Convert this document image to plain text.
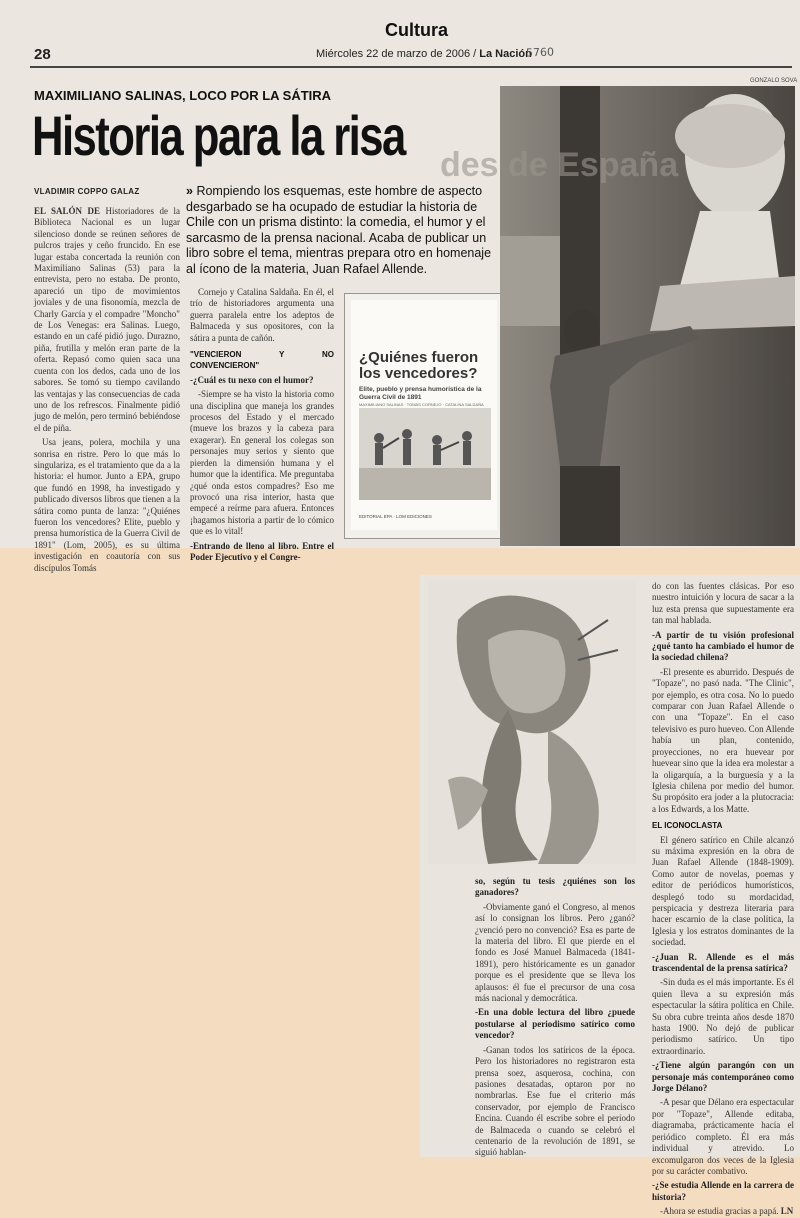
Cultura
28	Miércoles 22 de marzo de 2006 / La Nación
5760
GONZALO SOVA
MAXIMILIANO SALINAS, LOCO POR LA SÁTIRA
Historia para la risa
VLADIMIR COPPO GALAZ	» Rompiendo los esquemas, este hombre de aspecto desgarbado se ha ocupado de estudiar la historia de Chile con un prisma distinto: la comedia, el humor y el sarcasmo de la prensa nacional. Acaba de publicar un libro sobre el tema, mientras prepara otro en homenaje al ícono de la materia, Juan Rafael Allende.

EL SALÓN DE Historiadores de la Biblioteca Nacional es un lugar silencioso donde se reúnen señores de pulcros trajes y ceño fruncido. En ese lugar estaba concertada la reunión con Maximiliano Salinas (53) para la entrevista, pero no estaba. De pronto, apareció un tipo de movimientos joviales y de una fisonomía, mezcla de Charly García y el compadre "Moncho" de Los Venegas: era Salinas. Luego, estando en un café pidió jugo. Durazno, piña, frutilla y melón eran parte de la oferta. Repasó como quien saca una cuenta con los dedos, cada uno de los sabores. Se tomó su tiempo cavilando las ventajas y las consecuencias de cada uno de los refrescos. Finalmente pidió jugo de melón, pero terminó bebiéndose el de piña.

Usa jeans, polera, mochila y una sonrisa en ristre. Pero lo que más lo singulariza, es el tratamiento que da a la historia: el humor. Junto a EPA, grupo que fundó en 1998, ha investigado y publicado diversos libros que tienen a la sátira como punta de lanza: "¿Quiénes fueron los vencedores? Elite, pueblo y prensa humorística de la Guerra Civil de 1891" (Lom, 2005), es su última investigación en coautoría con sus discípulos Tomás

Cornejo y Catalina Saldaña. En él, el trío de historiadores argumenta una guerra paralela entre los adeptos de Balmaceda y sus opositores, con la sátira a punta de cañón.

"VENCIERON Y NO CONVENCIERON"

-¿Cuál es tu nexo con el humor?

-Siempre se ha visto la historia como una disciplina que maneja los grandes procesos del Estado y el mercado (mueve los brazos y la cabeza para exagerar). En general los colegas son personajes muy serios y siento que pierden la dimensión humana y el humor que la identifica. Me preguntaba ¿qué onda estos compadres? Eso me provocó una risa interior, hasta que empecé a reírme para afuera. Entonces ¡hagamos historia a partir de lo cómico que es lo vital!

-Entrando de lleno al libro. Entre el Poder Ejecutivo y el Congre-

¿Quiénes fueron los vencedores?
Elite, pueblo y prensa humorística de la Guerra Civil de 1891
MAXIMILIANO SALINAS · TOMÁS CORNEJO · CATALINA SALDAÑA
EDITORIAL EPA · LOM EDICIONES
des de España

so, según tu tesis ¿quiénes son los ganadores?

-Obviamente ganó el Congreso, al menos así lo consignan los libros. Pero ¿ganó? ¿venció pero no convenció? Esa es parte de la materia del libro. El que pierde en el fondo es José Manuel Balmaceda (1841-1891), pero históricamente es un ganador porque es el presidente que se lleva los aplausos: él fue el precursor de una cosa más nacional y democrática.

-En una doble lectura del libro ¿puede postularse al periodismo satírico como vencedor?

-Ganan todos los satíricos de la época. Pero los historiadores no registraron esta prensa soez, asquerosa, cochina, con pasiones desatadas, optaron por no nombrarlas. Ese fue el criterio más conservador, por ejemplo de Francisco Encina. Cuando él escribe sobre el período de Balmaceda o cuando se celebró el centenario de la revolución de 1891, se siguió hablan-

do con las fuentes clásicas. Por eso nuestro intuición y locura de sacar a la luz esta prensa que supuestamente era tan mal hablada.

-A partir de tu visión profesional ¿qué tanto ha cambiado el humor de la sociedad chilena?

-El presente es aburrido. Después de "Topaze", no pasó nada. "The Clinic", por ejemplo, es otra cosa. No lo puedo comparar con Juan Rafael Allende o con una "Topaze". En el caso televisivo es puro hueveo. Con Allende había un plan, contenido, proyecciones, no era huevear por huevear sino que la idea era molestar a la oligarquía, a la burguesía y a la Iglesia chilena por medio del humor. Su propósito era joder a la plutocracia: a los Edwards, a los Matte.

EL ICONOCLASTA

El género satírico en Chile alcanzó su máxima expresión en la obra de Juan Rafael Allende (1848-1909). Como autor de novelas, poemas y editor de periódicos humorísticos, desplegó todo su mordacidad, perspicacia y destreza literaria para hacer escarnio de la clase política, la Iglesia y los estratos dominantes de la sociedad.

-¿Juan R. Allende es el más trascendental de la prensa satírica?

-Sin duda es el más importante. Es él quien lleva a su expresión más espectacular la sátira política en Chile. Su obra cubre treinta años desde 1870 hasta 1900. No dejó de publicar periodismo satírico. Un tipo extraordinario.

-¿Tiene algún parangón con un personaje más contemporáneo como Jorge Délano?

-A pesar que Délano era espectacular por "Topaze", Allende editaba, diagramaba, prácticamente hacía el periódico completo. Él era más individual y atrevido. Lo excomulgaron dos veces de la Iglesia por su carácter combativo.

-¿Se estudia Allende en la carrera de historia?

-Ahora se estudia gracias a papá. LN
